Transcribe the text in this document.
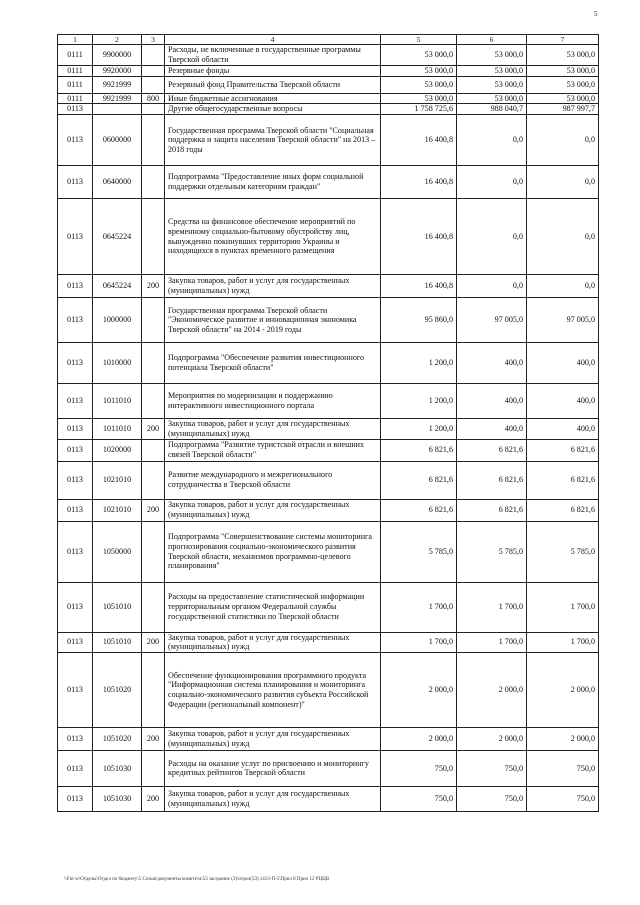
5
1	2	3	4	5	6	7
0111	9900000		Расходы, не включенные в государственные программы Тверской области	53 000,0	53 000,0	53 000,0
0111	9920000		Резервные фонды	53 000,0	53 000,0	53 000,0
0111	9921999		Резервный фонд Правительства Тверской области	53 000,0	53 000,0	53 000,0
0111	9921999	800	Иные бюджетные ассигнования	53 000,0	53 000,0	53 000,0
0113			Другие общегосударственные вопросы	1 758 725,6	988 040,7	987 997,7
0113	0600000		Государственная программа Тверской области "Социальная поддержка и защита населения Тверской области" на 2013 – 2018 годы	16 400,8	0,0	0,0
0113	0640000		Подпрограмма "Предоставление иных форм социальной поддержки отдельным категориям граждан"	16 400,8	0,0	0,0
0113	0645224		Средства на финансовое обеспечение мероприятий по временному социально-бытовому обустройству лиц, вынужденно покинувших территорию Украины и находящихся в пунктах временного размещения	16 400,8	0,0	0,0
0113	0645224	200	Закупка товаров, работ и услуг для государственных (муниципальных) нужд	16 400,8	0,0	0,0
0113	1000000		Государственная программа Тверской области "Экономическое развитие и инновационная экономика Тверской области" на 2014 - 2019 годы	95 860,0	97 005,0	97 005,0
0113	1010000		Подпрограмма "Обеспечение развития инвестиционного потенциала Тверской области"	1 200,0	400,0	400,0
0113	1011010		Мероприятия по модернизации и поддержанию интерактивного инвестиционного портала	1 200,0	400,0	400,0
0113	1011010	200	Закупка товаров, работ и услуг для государственных (муниципальных) нужд	1 200,0	400,0	400,0
0113	1020000		Подпрограмма "Развитие туристской отрасли и внешних связей Тверской области"	6 821,6	6 821,6	6 821,6
0113	1021010		Развитие международного и межрегионального сотрудничества в Тверской области	6 821,6	6 821,6	6 821,6
0113	1021010	200	Закупка товаров, работ и услуг для государственных (муниципальных) нужд	6 821,6	6 821,6	6 821,6
0113	1050000		Подпрограмма "Совершенствование системы мониторинга прогнозирования социально-экономического развития Тверской области, механизмов программно-целевого планирования"	5 785,0	5 785,0	5 785,0
0113	1051010		Расходы на предоставление статистической информации территориальным органом Федеральной службы государственной статистики по Тверской области	1 700,0	1 700,0	1 700,0
0113	1051010	200	Закупка товаров, работ и услуг для государственных (муниципальных) нужд	1 700,0	1 700,0	1 700,0
0113	1051020		Обеспечение функционирования программного продукта "Информационная система планирования и мониторинга социально-экономического развития субъекта Российской Федерации (региональный компонент)"	2 000,0	2 000,0	2 000,0
0113	1051020	200	Закупка товаров, работ и услуг для государственных (муниципальных) нужд	2 000,0	2 000,0	2 000,0
0113	1051030		Расходы на оказание услуг по присвоению и мониторингу кредитных рейтингов Тверской области	750,0	750,0	750,0
0113	1051030	200	Закупка товаров, работ и услуг для государственных (муниципальных) нужд	750,0	750,0	750,0
\\Fin-w\Отделы\Отдел по бюджету\5 Созыв\документы комитета\53 заседание (3)\отдел(53) 1413-П-5\Прил 8 Прил 12 РЦЦВ
